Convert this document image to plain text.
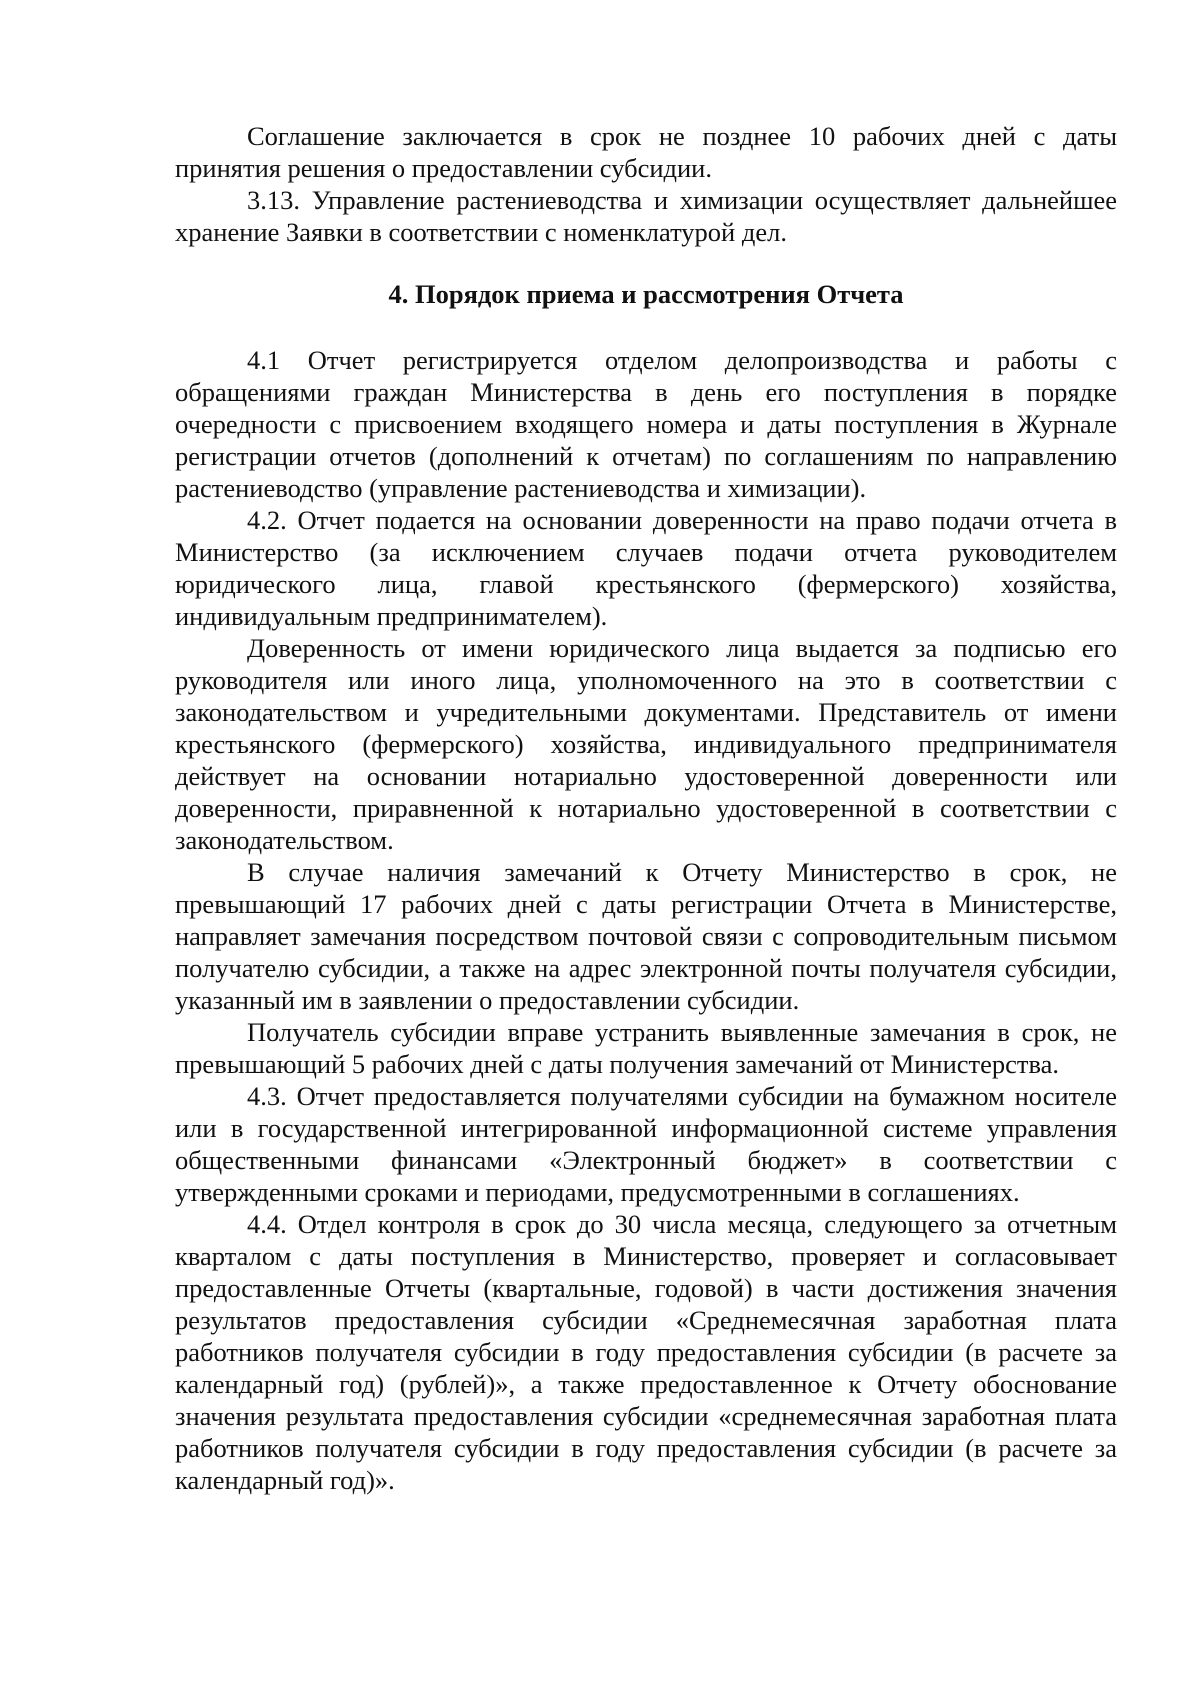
Соглашение заключается в срок не позднее 10 рабочих дней с даты принятия решения о предоставлении субсидии.

3.13. Управление растениеводства и химизации осуществляет дальнейшее хранение Заявки в соответствии с номенклатурой дел.

4. Порядок приема и рассмотрения Отчета

4.1 Отчет регистрируется отделом делопроизводства и работы с обращениями граждан Министерства в день его поступления в порядке очередности с присвоением входящего номера и даты поступления в Журнале регистрации отчетов (дополнений к отчетам) по соглашениям по направлению растениеводство (управление растениеводства и химизации).

4.2. Отчет подается на основании доверенности на право подачи отчета в Министерство (за исключением случаев подачи отчета руководителем юридического лица, главой крестьянского (фермерского) хозяйства, индивидуальным предпринимателем).

Доверенность от имени юридического лица выдается за подписью его руководителя или иного лица, уполномоченного на это в соответствии с законодательством и учредительными документами. Представитель от имени крестьянского (фермерского) хозяйства, индивидуального предпринимателя действует на основании нотариально удостоверенной доверенности или доверенности, приравненной к нотариально удостоверенной в соответствии с законодательством.

В случае наличия замечаний к Отчету Министерство в срок, не превышающий 17 рабочих дней с даты регистрации Отчета в Министерстве, направляет замечания посредством почтовой связи с сопроводительным письмом получателю субсидии, а также на адрес электронной почты получателя субсидии, указанный им в заявлении о предоставлении субсидии.

Получатель субсидии вправе устранить выявленные замечания в срок, не превышающий 5 рабочих дней с даты получения замечаний от Министерства.

4.3. Отчет предоставляется получателями субсидии на бумажном носителе или в государственной интегрированной информационной системе управления общественными финансами «Электронный бюджет» в соответствии с утвержденными сроками и периодами, предусмотренными в соглашениях.

4.4. Отдел контроля в срок до 30 числа месяца, следующего за отчетным кварталом с даты поступления в Министерство, проверяет и согласовывает предоставленные Отчеты (квартальные, годовой) в части достижения значения результатов предоставления субсидии «Среднемесячная заработная плата работников получателя субсидии в году предоставления субсидии (в расчете за календарный год) (рублей)», а также предоставленное к Отчету обоснование значения результата предоставления субсидии «среднемесячная заработная плата работников получателя субсидии в году предоставления субсидии (в расчете за календарный год)».
